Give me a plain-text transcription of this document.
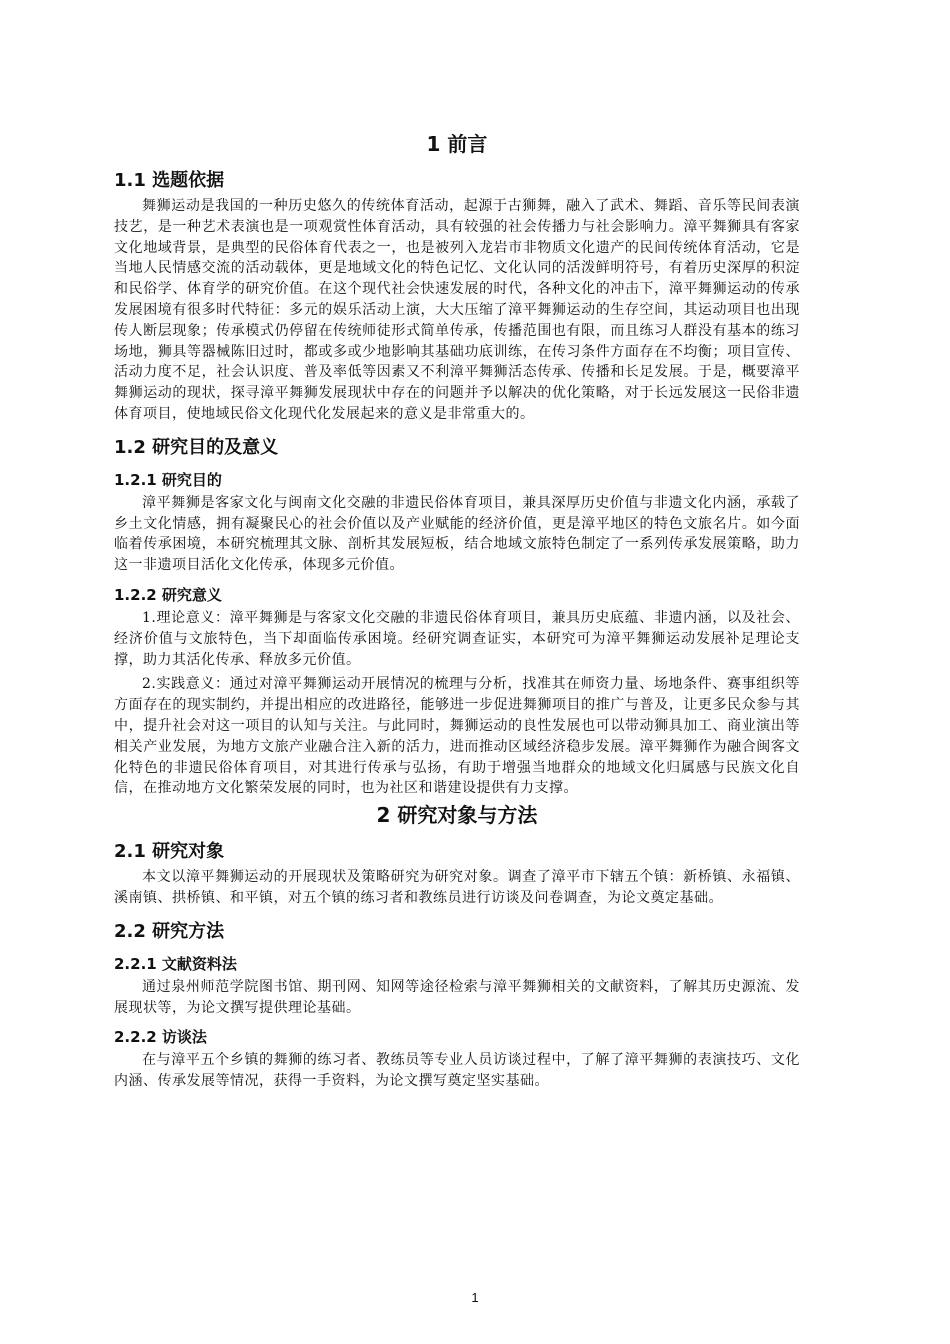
1 前言
1.1 选题依据

舞狮运动是我国的一种历史悠久的传统体育活动，起源于古狮舞，融入了武术、舞蹈、音乐等民间表演技艺，是一种艺术表演也是一项观赏性体育活动，具有较强的社会传播力与社会影响力。漳平舞狮具有客家文化地域背景，是典型的民俗体育代表之一，也是被列入龙岩市非物质文化遗产的民间传统体育活动，它是当地人民情感交流的活动载体，更是地域文化的特色记忆、文化认同的活泼鲜明符号，有着历史深厚的积淀和民俗学、体育学的研究价值。在这个现代社会快速发展的时代，各种文化的冲击下，漳平舞狮运动的传承发展困境有很多时代特征：多元的娱乐活动上演，大大压缩了漳平舞狮运动的生存空间，其运动项目也出现传人断层现象；传承模式仍停留在传统师徒形式简单传承，传播范围也有限，而且练习人群没有基本的练习场地，狮具等器械陈旧过时，都或多或少地影响其基础功底训练，在传习条件方面存在不均衡；项目宣传、活动力度不足，社会认识度、普及率低等因素又不利漳平舞狮活态传承、传播和长足发展。于是，概要漳平舞狮运动的现状，探寻漳平舞狮发展现状中存在的问题并予以解决的优化策略，对于长远发展这一民俗非遗体育项目，使地域民俗文化现代化发展起来的意义是非常重大的。

1.2 研究目的及意义
1.2.1 研究目的

漳平舞狮是客家文化与闽南文化交融的非遗民俗体育项目，兼具深厚历史价值与非遗文化内涵，承载了乡土文化情感，拥有凝聚民心的社会价值以及产业赋能的经济价值，更是漳平地区的特色文旅名片。如今面临着传承困境，本研究梳理其文脉、剖析其发展短板，结合地域文旅特色制定了一系列传承发展策略，助力这一非遗项目活化文化传承，体现多元价值。

1.2.2 研究意义

1.理论意义：漳平舞狮是与客家文化交融的非遗民俗体育项目，兼具历史底蕴、非遗内涵，以及社会、经济价值与文旅特色，当下却面临传承困境。经研究调查证实，本研究可为漳平舞狮运动发展补足理论支撑，助力其活化传承、释放多元价值。

2.实践意义：通过对漳平舞狮运动开展情况的梳理与分析，找准其在师资力量、场地条件、赛事组织等方面存在的现实制约，并提出相应的改进路径，能够进一步促进舞狮项目的推广与普及，让更多民众参与其中，提升社会对这一项目的认知与关注。与此同时，舞狮运动的良性发展也可以带动狮具加工、商业演出等相关产业发展，为地方文旅产业融合注入新的活力，进而推动区域经济稳步发展。漳平舞狮作为融合闽客文化特色的非遗民俗体育项目，对其进行传承与弘扬，有助于增强当地群众的地域文化归属感与民族文化自信，在推动地方文化繁荣发展的同时，也为社区和谐建设提供有力支撑。

2 研究对象与方法
2.1 研究对象

本文以漳平舞狮运动的开展现状及策略研究为研究对象。调查了漳平市下辖五个镇：新桥镇、永福镇、溪南镇、拱桥镇、和平镇，对五个镇的练习者和教练员进行访谈及问卷调查，为论文奠定基础。

2.2 研究方法
2.2.1 文献资料法

通过泉州师范学院图书馆、期刊网、知网等途径检索与漳平舞狮相关的文献资料，了解其历史源流、发展现状等，为论文撰写提供理论基础。

2.2.2 访谈法

在与漳平五个乡镇的舞狮的练习者、教练员等专业人员访谈过程中，了解了漳平舞狮的表演技巧、文化内涵、传承发展等情况，获得一手资料，为论文撰写奠定坚实基础。

1
